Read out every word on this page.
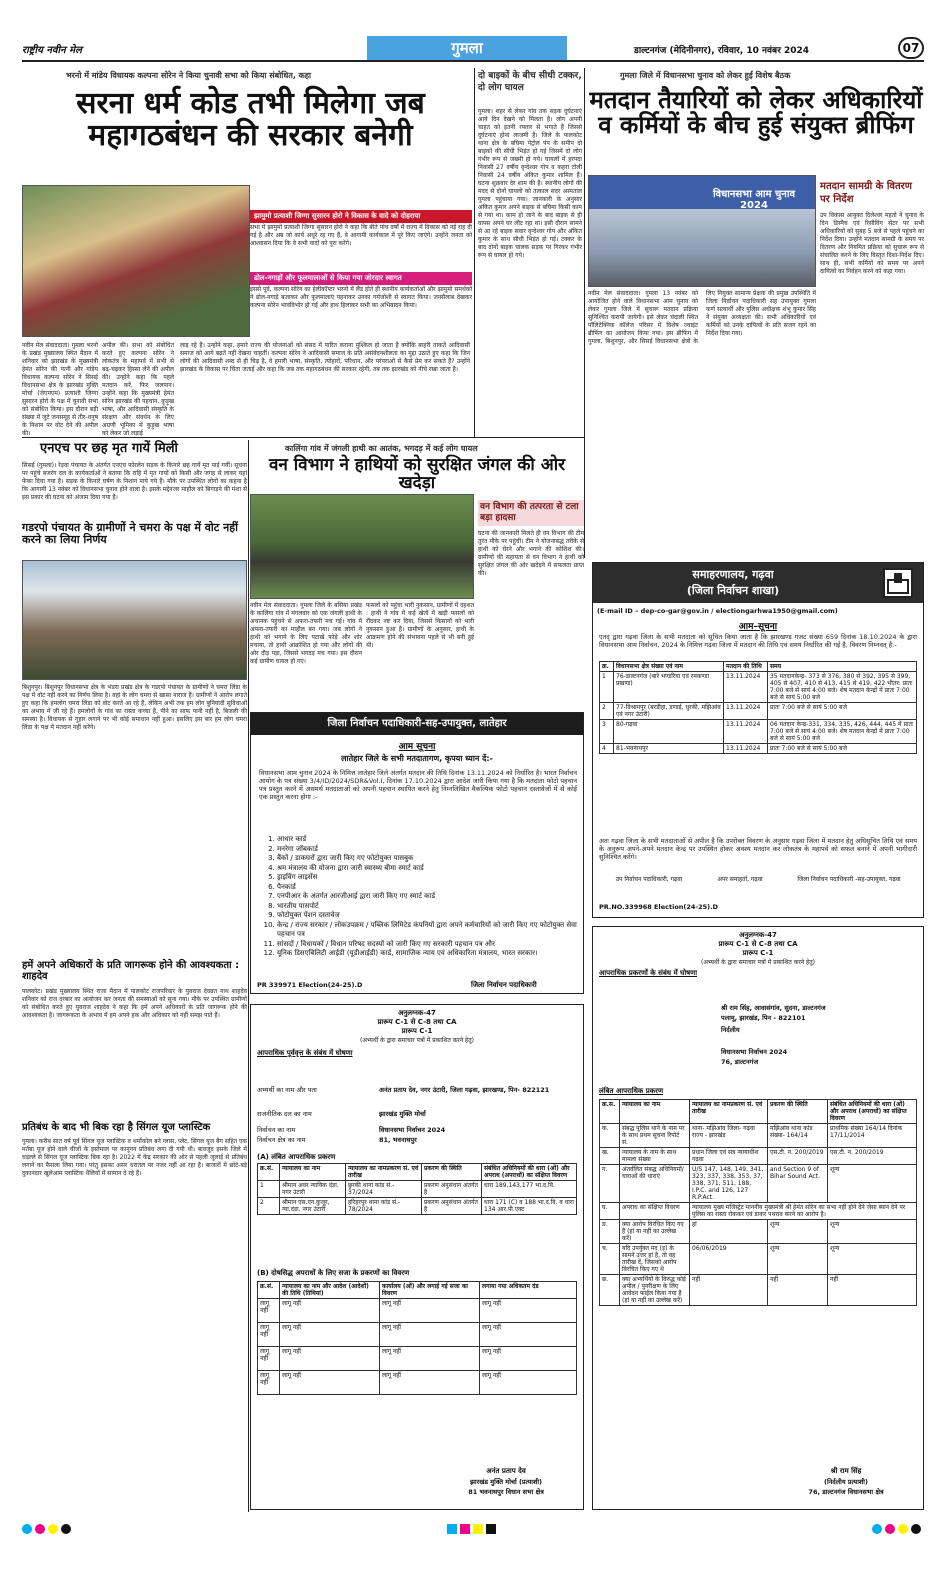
राष्ट्रीय नवीन मेल	गुमला	डाल्टनगंज (मेदिनीनगर), रविवार, 10 नवंबर 2024	07
भरनो में मांडेय विधायक कल्पना सोरेन ने किया चुनावी सभा को किया संबोधित, कहा
सरना धर्म कोड तभी मिलेगा जब महागठबंधन की सरकार बनेगी
झामुमो प्रत्याशी जिग्गा सुसारन होरो ने विकास के वादे को दोहराया
सभा में झामुमो प्रत्याशी जिग्गा सुसारन होरो ने कहा कि बीते पांच वर्षों में राज्य में विकास को नई राह दी गई है और अब जो कार्य अधूरे रह गए हैं, वे आगामी कार्यकाल में पूरे किए जाएंगे। उन्होंने जनता को आश्वासन दिया कि वे सभी वादों को पूरा करेंगे।
ढोल-नगाड़ों और फूलमालाओं से किया गया जोरदार स्वागत
इससे पूर्व, कल्पना सोरेन का हेलीकॉप्टर भरनो में लैंड होते ही स्थानीय कार्यकर्ताओं और झामुमो समर्थकों ने ढोल-नगाड़े बजाकर और फूलमालाएं पहनाकर उनका गर्मजोशी से स्वागत किया। जनसैलाब देखकर कल्पना सोरेन भावविभोर हो गईं और हाथ हिलाकर सभी का अभिवादन किया।
नवीन मेल संवाददाता। गुमला भरनो के प्रखंड मुख्यालय स्थित मैदान में शनिवार को झारखंड के मुख्यमंत्री हेमंत सोरेन की पत्नी और गांडेय विधायक कल्पना सोरेन ने सिसई विधानसभा क्षेत्र के झारखंड मुक्ति मोर्चा (जेएमएम) प्रत्याशी जिग्गा सुसारन होरो के पक्ष में चुनावी सभा को संबोधित किया। इस दौरान बड़ी संख्या में जुटे जनसमूह से तीर-धनुष के निशान पर वोट देने की अपील की।
अपील की। सभा को संबोधित करते हुए कल्पना सोरेन ने लोकतंत्र के महापर्व में सभी से बढ़-चढ़कर हिस्सा लेने की अपील की। उन्होंने कहा कि पहले मतदान करें, फिर जलपान। उन्होंने कहा कि मुख्यमंत्री हेमंत सोरेन झारखंड की पहचान, कुड़ुख भाषा, और आदिवासी संस्कृति के संरक्षण और संवर्धन के लिए अग्रणी भूमिका में कुड़ुख भाषा को लेकर जो लड़ाई
लाइ रहे हैं। उन्होंने कहा, हमारे राज्य की योजनाओं को संसद में पारित कराना मुश्किल हो जाता है क्योंकि बाहरी ताकतें आदिवासी समाज को आगे बढ़ते नहीं देखना चाहतीं। कल्पना सोरेन ने आदिवासी समाज के प्रति असंवेदनशीलता का मुद्दा उठाते हुए कहा कि जिन लोगों की आदिवासी शब्द से ही चिढ़ है, वे हमारी भाषा, संस्कृति, त्योहारों, परिधान, और परंपराओं से कैसे प्रेम कर सकते हैं? उन्होंने झारखंड के विकास पर चिंता जताई और कहा कि जब तक महागठबंधन की सरकार रहेगी, तब तक झारखंड को नीचे रखा जाता है।
दो बाइकों के बीच सीधी टक्कर, दो लोग घायल
गुमला। शहर से लेकर गांव तक सड़क दुर्घटनाएं आये दिन देखने को मिलता है। लोग अपनी चाहत को इतनी रफ्तार से भगाते हैं जिससे दुर्घटनाएं होना लाजमी है। जिले के पालकोट थाना क्षेत्र के बघिमा पेट्रोल पंप के समीप दो बाइकों की सीधी भिड़ंत हो गई जिसमें दो लोग गंभीर रूप से जख्मी हो गये। घायलों में हरपदा निवासी 27 वर्षीय वृन्देश्वर गोप व कहरा टोली निवासी 24 वर्षीय अंकित कुमार शामिल हैं। घटना शुक्रवार देर शाम की है। स्थानीय लोगों की मदद से दोनों घायलों को तत्काल सदर अस्पताल गुमला पहुंचाया गया। जानकारी के अनुसार अंकित कुमार अपने बाइक से बघिमा किसी काम से गया था। काम हो जाने के बाद बाइक से ही वापस अपने घर लौट रहा था। इसी दौरान सामने से आ रहे बाइक सवार वृन्देश्वर गोप और अंकित कुमार के साथ सीधी भिड़ंत हो गई। टक्कर के बाद दोनों बाइक चालक सड़क पर गिरकर गंभीर रूप से घायल हो गये।
गुमला जिले में विधानसभा चुनाव को लेकर हुई विशेष बैठक
मतदान तैयारियों को लेकर अधिकारियों व कर्मियों के बीच हुई संयुक्त ब्रीफिंग
विधानसभा आम चुनाव 2024
मतदान सामग्री के वितरण पर निर्देश
उप विकास आयुक्त दिलेश्वर महतो ने चुनाव के दिन डिस्पैच एवं रिसीविंग सेंटर पर सभी अधिकारियों को सुबह 5 बजे से पहले पहुंचने का निर्देश दिया। उन्होंने मतदान सामग्री के समय पर वितरण और नियमित प्रक्रिया को सुचारू रूप से संचालित करने के लिए विस्तृत दिशा-निर्देश दिए। साथ ही, सभी कर्मियों को समय पर अपने दायित्वों का निर्वहन करने को कहा गया।
नवीन मेल संवाददाता। गुमला 13 नवंबर को आयोजित होने वाले विधानसभा आम चुनाव को लेकर गुमला जिले में सुचारू मतदान प्रक्रिया सुनिश्चित करायी जायेगी। इसे लेकर चंदाली स्थित पॉलिटेक्निक कॉलेज परिसर में विशेष ज्वाइंट ब्रीफिंग का आयोजन किया गया। इस ब्रीफिंग में गुमला, बिशुनपुर, और सिसई विधानसभा क्षेत्रों के लिए नियुक्त सामान्य प्रेक्षक की प्रमुख उपस्थिति में जिला निर्वाचन पदाधिकारी सह उपायुक्त गुमला कर्ण सत्यार्थी और पुलिस अधीक्षक शंभू कुमार सिंह ने संयुक्त अध्यक्षता की। सभी अधिकारियों एवं कर्मियों को उनके दायित्वों के प्रति सजग रहने का निर्देश दिया गया।
एनएच पर छह मृत गायें मिली
सिसई (गुमला)। रेड़वा पंचायत के अंतर्गत एनएच फोरलेन सड़क के किनारे छह गायें मृत पाई गयीं। सूचना पर पहुंचे बजरंग दल के कार्यकर्ताओं ने बताया कि राहि में मृत गायों को किसी और जगह से लाकर यहां फेंका दिया गया है। सड़क के किनारे घर्षण के निशान पाये गये हैं। मौके पर उपस्थित लोगों का कहना है कि आगामी 13 नवंबर को विधानसभा चुनाव होने वाला है। इसके मद्देनजर माहौल को बिगाड़ने की मंशा से इस प्रकार की घटना को अंजाम दिया गया है।
गडरपो पंचायत के ग्रामीणों ने चमरा के पक्ष में वोट नहीं करने का लिया निर्णय
बिशुनपुर। बिशुनपुर विधानसभा क्षेत्र के भंडरा प्रखंड क्षेत्र के गडरपो पंचायत के ग्रामीणों ने चमरा लिंडा के पक्ष में वोट नहीं करने का निर्णय लिया है। वहां के लोग चमरा से खासा नाराज हैं। ग्रामीणों ने आरोप लगाते हुए कहा कि हमलोग चमरा लिंडा को वोट करते आ रहे हैं, लेकिन अभी तक हम लोग बुनियादी सुविधाओं का अभाव में जी रहे हैं। हमलोगों के गांव का रास्ता कच्चा है, पीने का साफ पानी नहीं है, बिजली की समस्या है। विधायक से गुहार लगाने पर भी कोई समाधान नहीं हुआ। इसलिए इस बार हम लोग चमरा लिंडा के पक्ष में मतदान नहीं करेंगे।
हमें अपने अधिकारों के प्रति जागरूक होने की आवश्यकता : शाहदेव
पालकोट। प्रखंड मुख्यालय स्थित राजा मैदान में पालकोट राजपरिवार के युवराज देवव्रत नाथ शाहदेव शनिवार को राज दरबार का आयोजन कर जनता की समस्याओं को सुना गया। मौके पर उपस्थित ग्रामीणों को संबोधित करते हुए युवराज शाहदेव ने कहा कि हमें अपने अधिकारों के प्रति जागरूक होने की आवश्यकता है। जागरूकता के अभाव में हम अपने हक और अधिकार को नहीं समझ पाते हैं।
प्रतिबंध के बाद भी बिक रहा है सिंगल यूज प्लास्टिक
गुमला। करीब सात वर्ष पूर्व सिंगल यूज प्लास्टिक व थर्मोकोल बने ग्लास, प्लेट, सिंगल यूज बैग सहित एक मर्तबा यूज होने वाले चीजों के इस्तेमाल पर कानूनन प्रतिबंध लगा दी गयी थी। बावजूद इसके जिले में धड़ल्ले से सिंगल यूज प्लास्टिक बिक रहा है। 2022 में केंद्र सरकार की ओर से पहली जुलाई से प्रतिबंध लगाने का फैसला लिया गया। परंतु इसका असर धरातल पर नजर नहीं आ रहा है। बाजारों में छोटे-बड़े दुकानदार खुलेआम प्लास्टिक थैलियों में सामान दे रहे हैं।
कालिंगा गांव में जंगली हाथी का आतंक, भगदड़ में कई लोग घायल
वन विभाग ने हाथियों को सुरक्षित जंगल की ओर खदेड़ा
वन विभाग की तत्परता से टला बड़ा हादसा
घटना की जानकारी मिलते ही वन विभाग की टीम तुरंत मौके पर पहुंची। टीम ने योजनाबद्ध तरीके से हाथी को घेरने और भगाने की कोशिश की। ग्रामीणों की सहायता से वन विभाग ने हाथी को सुरक्षित जंगल की ओर खदेड़ने में सफलता प्राप्त की।
नवीन मेल संवाददाता। गुमला जिले के बसिया प्रखंड के कालिंगा गांव में मंगलवार को एक जंगली हाथी के अचानक पहुंचने से अफरा-तफरी मच गई। गांव में अफरा-तफरी का माहौल बन गया। जब लोगों ने हाथी को भगाने के लिए पटाखे फोड़े और शोर मचाया, तो हाथी आक्रोशित हो गया और लोगों की ओर दौड़ पड़ा, जिससे भगदड़ मच गया। इस दौरान कई ग्रामीण घायल हो गए।
फसलों को पहुंचा भारी नुकसान, ग्रामीणों में दहशत : हाथी ने गांव में कई खेतों में खड़ी फसलों को रौंदकर नष्ट कर दिया, जिससे किसानों को भारी नुकसान हुआ है। ग्रामीणों के अनुसार, हाथी के आक्रमण होने की संभावना पहले से भी बनी हुई थी।
जिला निर्वाचन पदाधिकारी-सह-उपायुक्त, लातेहार
आम सूचना
लातेहार जिले के सभी मतदातागण, कृपया ध्यान दें:-
विधानसभा आम चुनाव 2024 के निमित्त लातेहार जिले अंतर्गत मतदान की तिथि दिनांक 13.11.2024 को निर्धारित है। भारत निर्वाचन आयोग के पत्र संख्या 3/4/ID/2024/SDR&Vol.I, दिनांक 17.10.2024 द्वारा आदेश जारी किया गया है कि मतदाता फोटो पहचान पत्र प्रस्तुत करने में असमर्थ मतदाताओं को अपनी पहचान स्थापित करने हेतु निम्नलिखित वैकल्पिक फोटो पहचान दस्तावेजों में से कोई एक प्रस्तुत करना होगा :-
1. आधार कार्ड
2. मनरेगा जॉबकार्ड
3. बैंकों / डाकघरों द्वारा जारी किए गए फोटोयुक्त पासबुक
4. श्रम मंत्रालय की योजना द्वारा जारी स्वास्थ्य बीमा स्मार्ट कार्ड
5. ड्राइविंग लाइसेंस
6. पैनकार्ड
7. एनपीआर के अंतर्गत आरजीआई द्वारा जारी किए गए स्मार्ट कार्ड
8. भारतीय पासपोर्ट
9. फोटोयुक्त पेंशन दस्तावेज
10. केन्द्र / राज्य सरकार / लोकउपक्रम / पब्लिक लिमिटेड कंपनियों द्वारा अपने कर्मचारियों को जारी किए गए फोटोयुक्त सेवा पहचान पत्र
11. सांसदों / विधायकों / विधान परिषद सदस्यों को जारी किए गए सरकारी पहचान पत्र और
12. यूनिक डिसएबिलिटी आईडी (यूडीआईडी) कार्ड, सामाजिक न्याय एवं अधिकारिता मंत्रालय, भारत सरकार।
PR 339971 Election(24-25).D	जिला निर्वाचन पदाधिकारी
समाहरणालय, गढ़वा
(जिला निर्वाचन शाखा)
(E-mail ID – dep-co-gar@gov.in / electiongarhwa1950@gmail.com)
आम–सूचना
एतद् द्वारा गढ़वा जिला के सभी मतदाता को सूचित किया जाता है कि झारखण्ड गजट संख्या 659 दिनांक 18.10.2024 के द्वारा विधानसभा आम निर्वाचन, 2024 के निमित्त गढ़वा जिला में मतदान की तिथि एवं समय निर्धारित की गई है, विवरण निम्नवत् है:-
क्र.	विधानसभा क्षेत्र संख्या एवं नाम	मतदान की तिथि	समय
1	76-डाल्टनगंज (बारे भण्डरिया एवं रमकण्डा प्रखण्ड)	13.11.2024	35 मतदानकेन्द्र- 373 से 376, 380 से 392, 395 से 399, 405 से 407, 410 से 413, 415 से 419, 422 भीतर: प्रातः 7:00 बजे से सायं 4:00 बजे। शेष मतदान केन्द्रों में प्रातः 7:00 बजे से सायं 5:00 बजे
2	77-विश्रामपुर (बरडीहा, डण्डई, धुरकी, मझिआंव एवं नगर उंटारी)	13.11.2024	प्रातः 7:00 बजे से सायं 5:00 बजे
3	80-गढ़वा	13.11.2024	06 मतदान केन्द्र-331, 334, 335, 426, 444, 445 में प्रातः 7:00 बजे से सायं 4:00 बजे। शेष मतदान केन्द्रों में प्रातः 7:00 बजे से सायं 5:00 बजे
4	81-भवनाथपुर	13.11.2024	प्रातः 7:00 बजे से सायं 5:00 बजे
अतः गढ़वा जिला के सभी मतदाताओं से अपील है कि उपरोक्त विवरण के अनुसार गढ़वा जिला में मतदान हेतु अधिसूचित तिथि एवं समय के अनुरूप अपने-अपने मतदान केन्द्र पर उपस्थित होकर अवश्य मतदान कर लोकतंत्र के महापर्व को सफल बनाने में अपनी भागीदारी सुनिश्चित करेंगे।
उप निर्वाचन पदाधिकारी, गढ़वा	अपर समाहर्ता, गढ़वा	जिला निर्वाचन पदाधिकारी -सह-उपायुक्त, गढ़वा
PR.NO.339968 Election(24-25).D
अनुलग्नक-47
प्रारूप C-1 से C-8 तथा CA
प्रारूप C-1
(अभ्यर्थी के द्वारा समाचार पत्रों में प्रकाशित करने हेतु)
आपराधिक पूर्ववृत्त के संबंध में घोषणा
अभ्यर्थी का नाम और पता	अनंत प्रताप देव, नगर उंटारी, जिला गढ़वा, झारखण्ड, पिन- 822121
राजनीतिक दल का नाम	झारखंड मुक्ति मोर्चा
निर्वाचन का नाम	विधानसभा निर्वाचन 2024
निर्वाचन क्षेत्र का नाम	81, भवनाथपुर
(A) लंबित आपराधिक प्रकरण
क्र.सं.	न्यायालय का नाम	न्यायालय का नामप्रकरण सं. एवं तारीख	प्रकरण की स्थिति	संबंधित अधिनियमों की धारा (ओं) और अपराध (अपराधों) का संक्षिप्त विवरण
1	श्रीमान अवर न्यायिक दंडा. नगर उंटारी	छुरकी थाना कांड सं.- 37/2024	प्रकरण अनुसंधान अंतर्गत है	धारा 189,143,177 भा.द.वि.
2	श्रीमान एस.एन.कुजूर, न्या.दंडा. नगर उंटारी	हरिहरपुर थाना कांड सं.- 78/2024	प्रकरण अनुसंधान अंतर्गत है	धारा 171 (C) व 188 भा.द.वि. व धारा 134 आर.पी.एक्ट
(B) दोषसिद्ध अपराधों के लिए सजा के प्रकरणों का विवरण
क्र.सं.	न्यायालय का नाम और आदेश (आदेशों) की तिथि (तिथियां)	कार्यालय (ओं) और लगाई गई सजा का विवरण	लगाया गया अधिकतम दंड
लागू नहीं	लागू नहीं	लागू नहीं	लागू नहीं
लागू नहीं	लागू नहीं	लागू नहीं	लागू नहीं
लागू नहीं	लागू नहीं	लागू नहीं	लागू नहीं
लागू नहीं	लागू नहीं	लागू नहीं	लागू नहीं
अनंत प्रताप देव
झारखंड मुक्ति मोर्चा (प्रत्याशी)
81 भवनाथपुर विधान सभा क्षेत्र
अनुलग्नक-47
प्रारूप C-1 से C-8 तथा CA
प्रारूप C-1
(अभ्यर्थी के द्वारा समाचार पत्रों में प्रकाशित करने हेतु)
आपराधिक प्रकरणों के संबंध में घोषणा
श्री राम सिंह, आवासंगांव, सुदना, डाल्टनगंज
पलामू, झारखंड, पिन - 822101
निर्दलीय
विधानसभा निर्वाचन 2024
76, डाल्टनगंज
लंबित आपराधिक प्रकरण
क्र.स.	न्यायालय का नाम	न्यायालय का नामप्रकरण सं. एवं तारीख	प्रकरण की स्थिति	संबंधित अधिनियमों की धारा (ओं) और अपराध (अपराधों) का संक्षिप्त विवरण
क.	संबद्ध पुलिस थाने के नाम पर के साथ प्रथम सूचना रिपोर्ट सं.	थाना- मझिआंव जिला- गढ़वा राज्य - झारखंड	मझिआंव थाना कांड संख्या- 164/14	प्राथमिक संख्या 164/14 दिनांक 17/11/2014
ख.	न्यायालय के नाम के साथ मामला संख्या	प्रधान जिला एवं सत्र न्यायाधीश गढ़वा	एस.टी. न. 200/2019	एस.टी. न. 200/2019
ग.	अंतर्वलित संबद्ध अधिनियमों/धाराओं की धाराएं	U/S 147, 148, 149, 341, 323, 337, 338, 353, 37, 338, 371, 511, 188, I.P.C. and 126, 127 R.P.Act.	and Section 9 of Bihar Sound Act.	शून्य
घ.	अपराध का संक्षिप्त विवरण	न्यायालय मुख्य मजिस्ट्रेट माननीय मुख्यमंत्री श्री हेमंत सोरेन का सभा नहीं होने देने जेसा ब्यान देने पर पुलिस का रास्ता रोककर एवं डाकर पथराव करने का आरोप है।		
ङ.	क्या आरोप विरचित किए गए हैं (हां या नहीं का उल्लेख करें)	हां	शून्य	शून्य
च.	यदि उपर्युक्त मद (ड़) के सामने उत्तर हां है, तो वह तारीख दें, जिसको आरोप विरचित किए गए थे	06/06/2019	शून्य	शून्य
छ.	क्या अभ्यर्थियों के विरुद्ध कोई अपील / पुनरीक्षण के लिए आवेदन फाईल किया गया है (हां या नहीं का उल्लेख करें)	नहीं	नहीं	नहीं
श्री राम सिंह
(निर्दलीय प्रत्याशी)
76, डाल्टनगंज विधानसभा क्षेत्र
